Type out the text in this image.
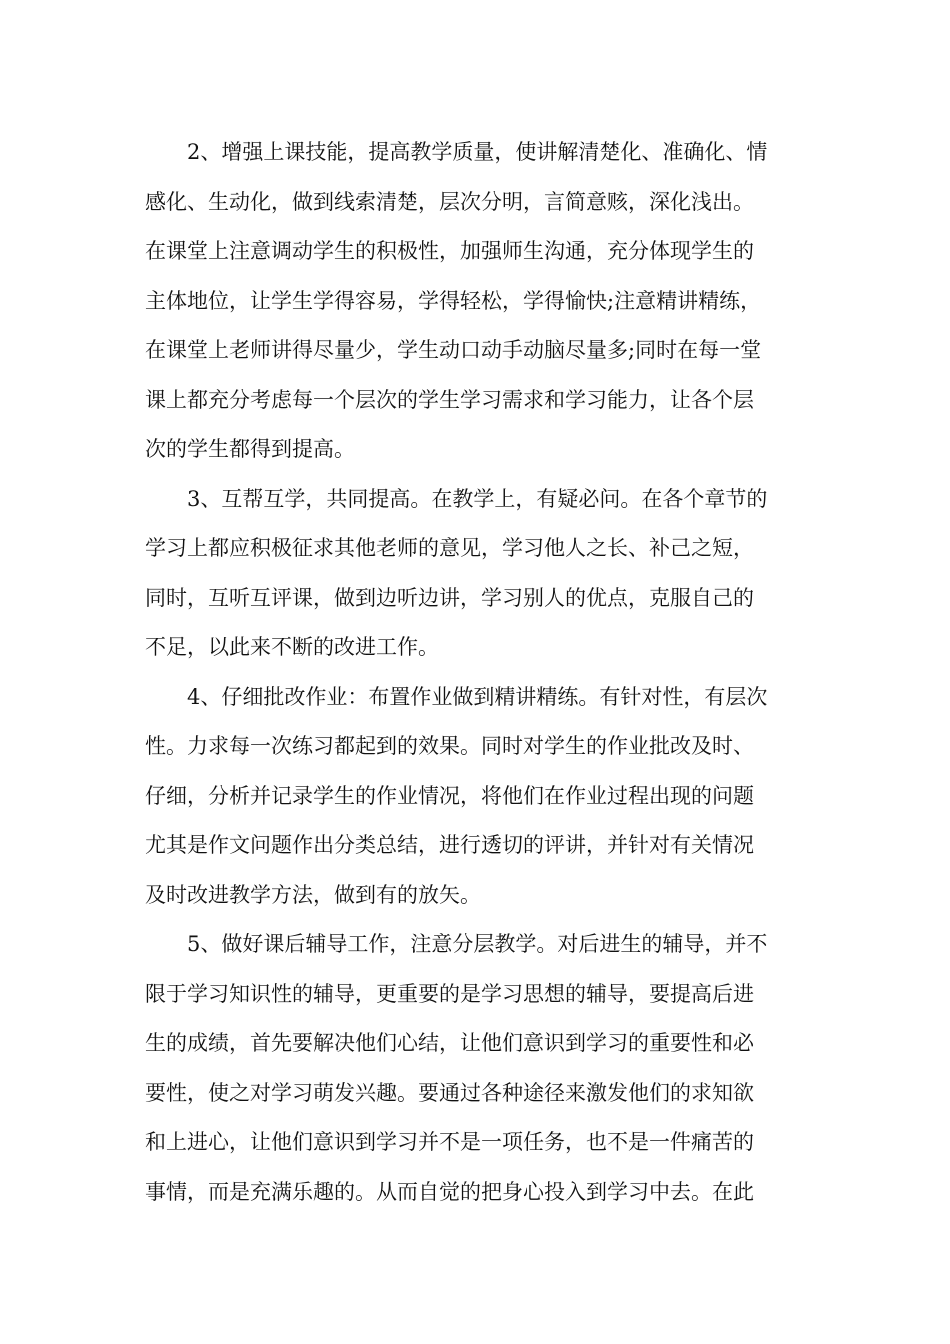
2、增强上课技能，提高教学质量，使讲解清楚化、准确化、情
感化、生动化，做到线索清楚，层次分明，言简意赅，深化浅出。
在课堂上注意调动学生的积极性，加强师生沟通，充分体现学生的
主体地位，让学生学得容易，学得轻松，学得愉快;注意精讲精练，
在课堂上老师讲得尽量少，学生动口动手动脑尽量多;同时在每一堂
课上都充分考虑每一个层次的学生学习需求和学习能力，让各个层
次的学生都得到提高。
3、互帮互学，共同提高。在教学上，有疑必问。在各个章节的
学习上都应积极征求其他老师的意见，学习他人之长、补己之短，
同时，互听互评课，做到边听边讲，学习别人的优点，克服自己的
不足，以此来不断的改进工作。
4、仔细批改作业：布置作业做到精讲精练。有针对性，有层次
性。力求每一次练习都起到的效果。同时对学生的作业批改及时、
仔细，分析并记录学生的作业情况，将他们在作业过程出现的问题
尤其是作文问题作出分类总结，进行透切的评讲，并针对有关情况
及时改进教学方法，做到有的放矢。
5、做好课后辅导工作，注意分层教学。对后进生的辅导，并不
限于学习知识性的辅导，更重要的是学习思想的辅导，要提高后进
生的成绩，首先要解决他们心结，让他们意识到学习的重要性和必
要性，使之对学习萌发兴趣。要通过各种途径来激发他们的求知欲
和上进心，让他们意识到学习并不是一项任务，也不是一件痛苦的
事情，而是充满乐趣的。从而自觉的把身心投入到学习中去。在此
